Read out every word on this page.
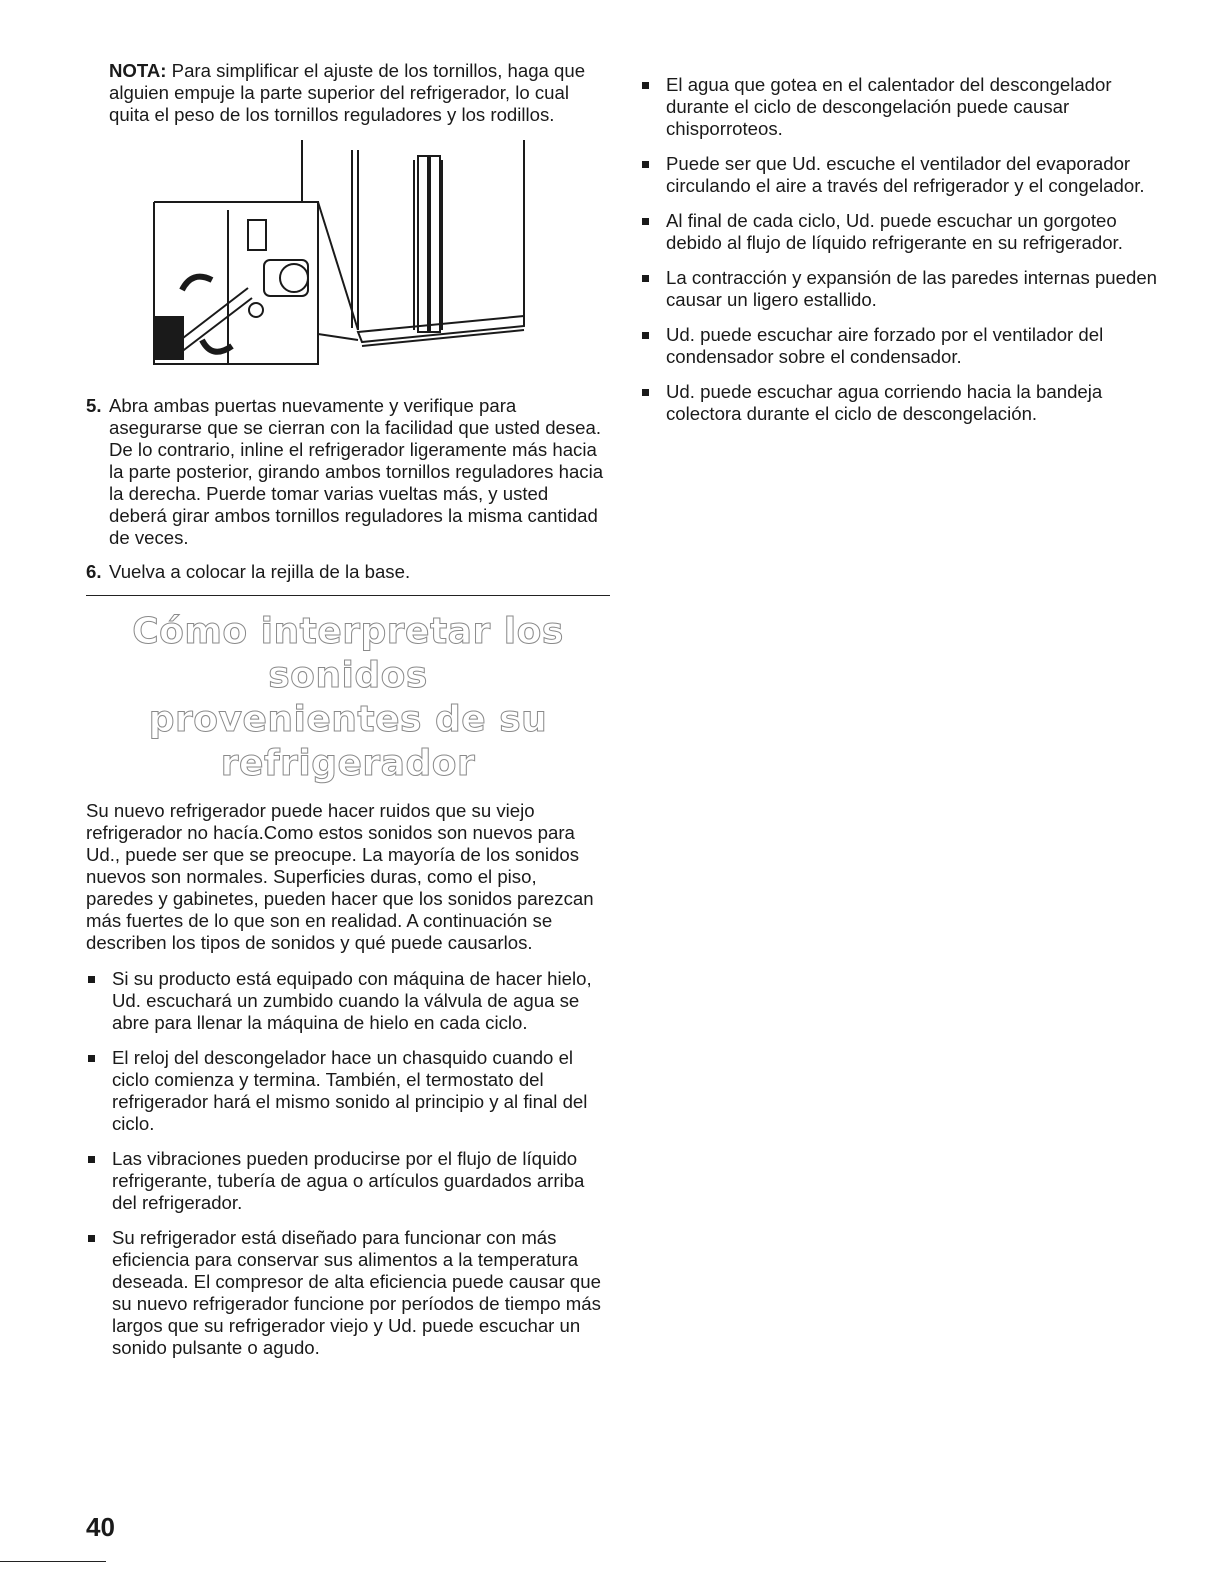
NOTA: Para simplificar el ajuste de los tornillos, haga que alguien empuje la parte superior del refrigerador, lo cual quita el peso de los tornillos reguladores y los rodillos.

5. Abra ambas puertas nuevamente y verifique para asegurarse que se cierran con la facilidad que usted desea. De lo contrario, inline el refrigerador ligeramente más hacia la parte posterior, girando ambos tornillos reguladores hacia la derecha. Puerde tomar varias vueltas más, y usted deberá girar ambos tornillos reguladores la misma cantidad de veces.
6. Vuelva a colocar la rejilla de la base.
Cómo interpretar los sonidos
provenientes de su refrigerador

Su nuevo refrigerador puede hacer ruidos que su viejo refrigerador no hacía.Como estos sonidos son nuevos para Ud., puede ser que se preocupe. La mayoría de los sonidos nuevos son normales. Superficies duras, como el piso, paredes y gabinetes, pueden hacer que los sonidos parezcan más fuertes de lo que son en realidad. A continuación se describen los tipos de sonidos y qué puede causarlos.

Si su producto está equipado con máquina de hacer hielo, Ud. escuchará un zumbido cuando la válvula de agua se abre para llenar la máquina de hielo en cada ciclo.
El reloj del descongelador hace un chasquido cuando el ciclo comienza y termina. También, el termostato del refrigerador hará el mismo sonido al principio y al final del ciclo.
Las vibraciones pueden producirse por el flujo de líquido refrigerante, tubería de agua o artículos guardados arriba del refrigerador.
Su refrigerador está diseñado para funcionar con más eficiencia para conservar sus alimentos a la temperatura deseada. El compresor de alta eficiencia puede causar que su nuevo refrigerador funcione por períodos de tiempo más largos que su refrigerador viejo y Ud. puede escuchar un sonido pulsante o agudo.
El agua que gotea en el calentador del descongelador durante el ciclo de descongelación puede causar chisporroteos.
Puede ser que Ud. escuche el ventilador del evaporador circulando el aire a través del refrigerador y el congelador.
Al final de cada ciclo, Ud. puede escuchar un gorgoteo debido al flujo de líquido refrigerante en su refrigerador.
La contracción y expansión de las paredes internas pueden causar un ligero estallido.
Ud. puede escuchar aire forzado por el ventilador del condensador sobre el condensador.
Ud. puede escuchar agua corriendo hacia la bandeja colectora durante el ciclo de descongelación.
40
